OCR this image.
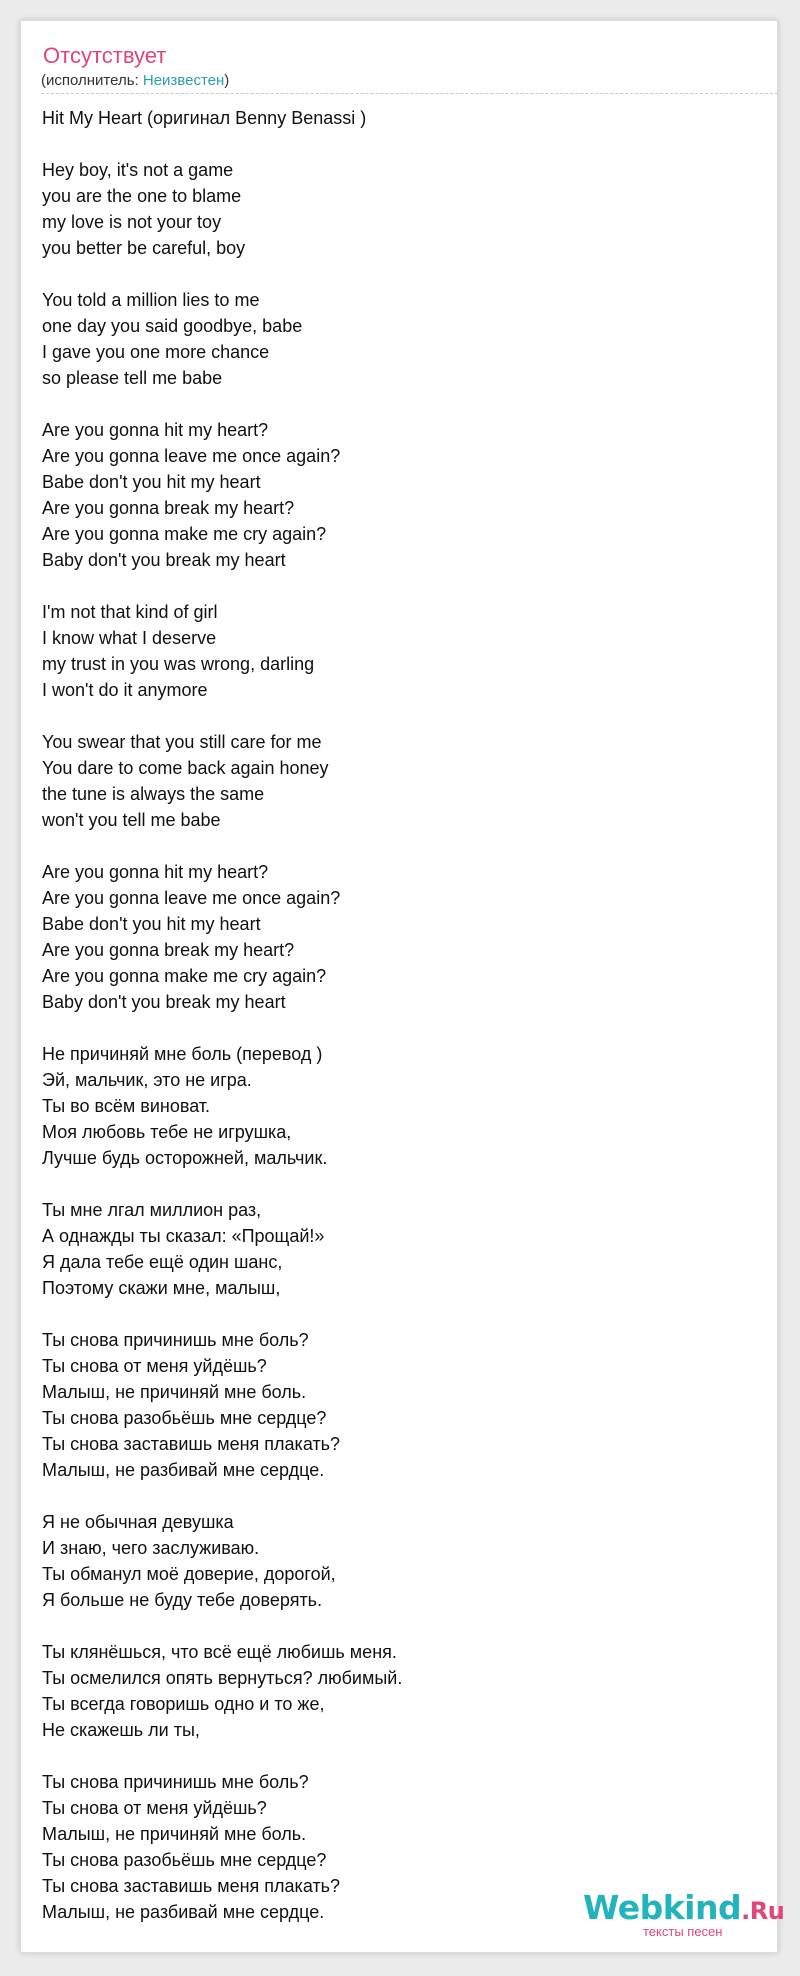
Отсутствует
(исполнитель: Неизвестен)
Hit My Heart (оригинал Benny Benassi )
Hey boy, it's not a game
you are the one to blame
my love is not your toy
you better be careful, boy
You told a million lies to me
one day you said goodbye, babe
I gave you one more chance
so please tell me babe
Are you gonna hit my heart?
Are you gonna leave me once again?
Babe don't you hit my heart
Are you gonna break my heart?
Are you gonna make me cry again?
Baby don't you break my heart
I'm not that kind of girl
I know what I deserve
my trust in you was wrong, darling
I won't do it anymore
You swear that you still care for me
You dare to come back again honey
the tune is always the same
won't you tell me babe
Are you gonna hit my heart?
Are you gonna leave me once again?
Babe don't you hit my heart
Are you gonna break my heart?
Are you gonna make me cry again?
Baby don't you break my heart
Не причиняй мне боль (перевод )
Эй, мальчик, это не игра.
Ты во всём виноват.
Моя любовь тебе не игрушка,
Лучше будь осторожней, мальчик.
Ты мне лгал миллион раз,
А однажды ты сказал: «Прощай!»
Я дала тебе ещё один шанс,
Поэтому скажи мне, малыш,
Ты снова причинишь мне боль?
Ты снова от меня уйдёшь?
Малыш, не причиняй мне боль.
Ты снова разобьёшь мне сердце?
Ты снова заставишь меня плакать?
Малыш, не разбивай мне сердце.
Я не обычная девушка
И знаю, чего заслуживаю.
Ты обманул моё доверие, дорогой,
Я больше не буду тебе доверять.
Ты клянёшься, что всё ещё любишь меня.
Ты осмелился опять вернуться? любимый.
Ты всегда говоришь одно и то же,
Не скажешь ли ты,
Ты снова причинишь мне боль?
Ты снова от меня уйдёшь?
Малыш, не причиняй мне боль.
Ты снова разобьёшь мне сердце?
Ты снова заставишь меня плакать?
Малыш, не разбивай мне сердце.	Webkind.Ru
тексты песен
